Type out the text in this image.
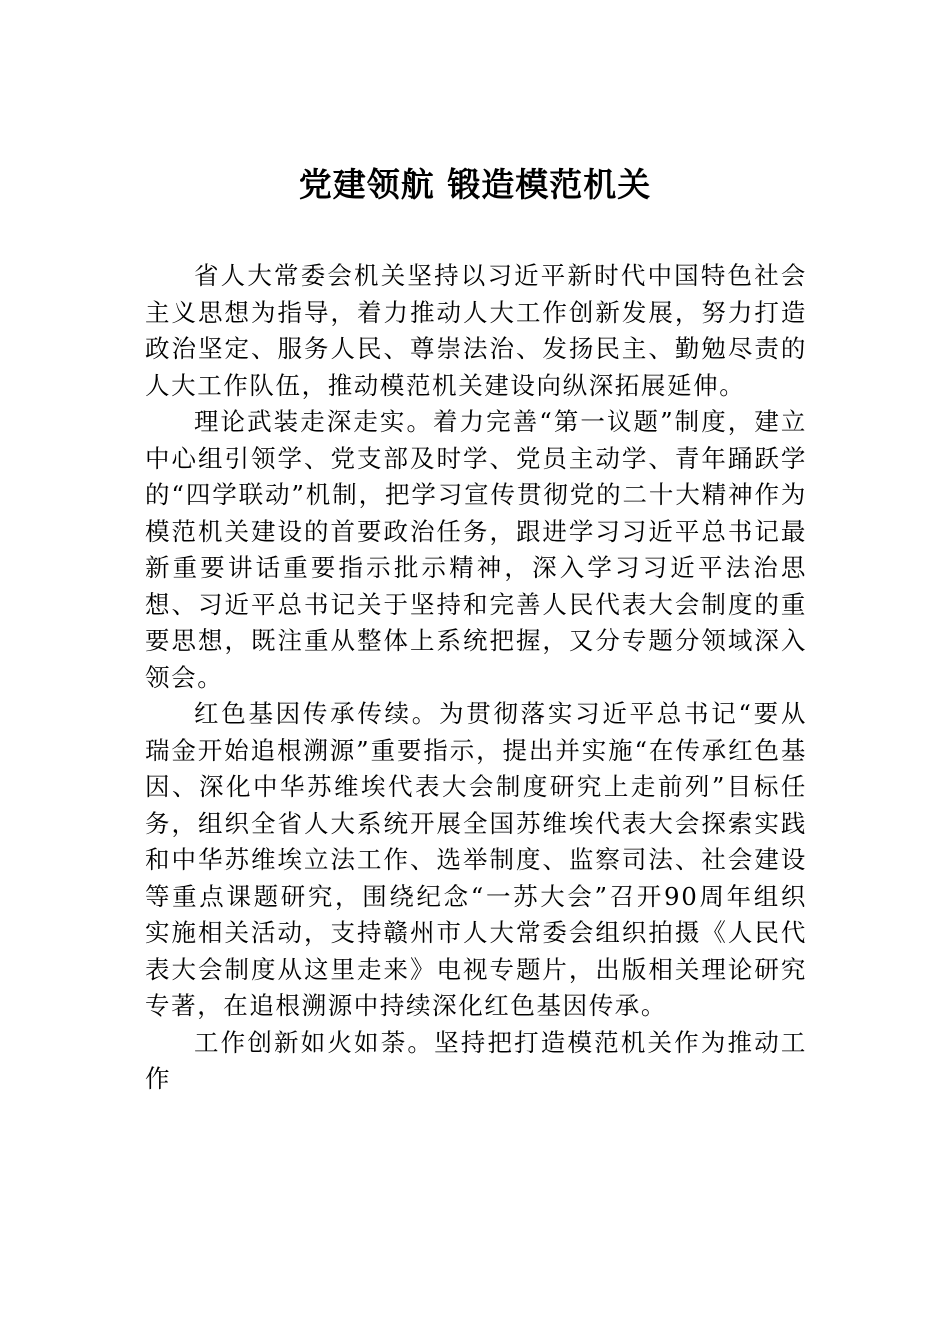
党建领航 锻造模范机关

省人大常委会机关坚持以习近平新时代中国特色社会主义思想为指导，着力推动人大工作创新发展，努力打造政治坚定、服务人民、尊崇法治、发扬民主、勤勉尽责的人大工作队伍，推动模范机关建设向纵深拓展延伸。

理论武装走深走实。着力完善“第一议题”制度，建立中心组引领学、党支部及时学、党员主动学、青年踊跃学的“四学联动”机制，把学习宣传贯彻党的二十大精神作为模范机关建设的首要政治任务，跟进学习习近平总书记最新重要讲话重要指示批示精神，深入学习习近平法治思想、习近平总书记关于坚持和完善人民代表大会制度的重要思想，既注重从整体上系统把握，又分专题分领域深入领会。

红色基因传承传续。为贯彻落实习近平总书记“要从瑞金开始追根溯源”重要指示，提出并实施“在传承红色基因、深化中华苏维埃代表大会制度研究上走前列”目标任务，组织全省人大系统开展全国苏维埃代表大会探索实践和中华苏维埃立法工作、选举制度、监察司法、社会建设等重点课题研究，围绕纪念“一苏大会”召开90周年组织实施相关活动，支持赣州市人大常委会组织拍摄《人民代表大会制度从这里走来》电视专题片，出版相关理论研究专著，在追根溯源中持续深化红色基因传承。

工作创新如火如荼。坚持把打造模范机关作为推动工作
